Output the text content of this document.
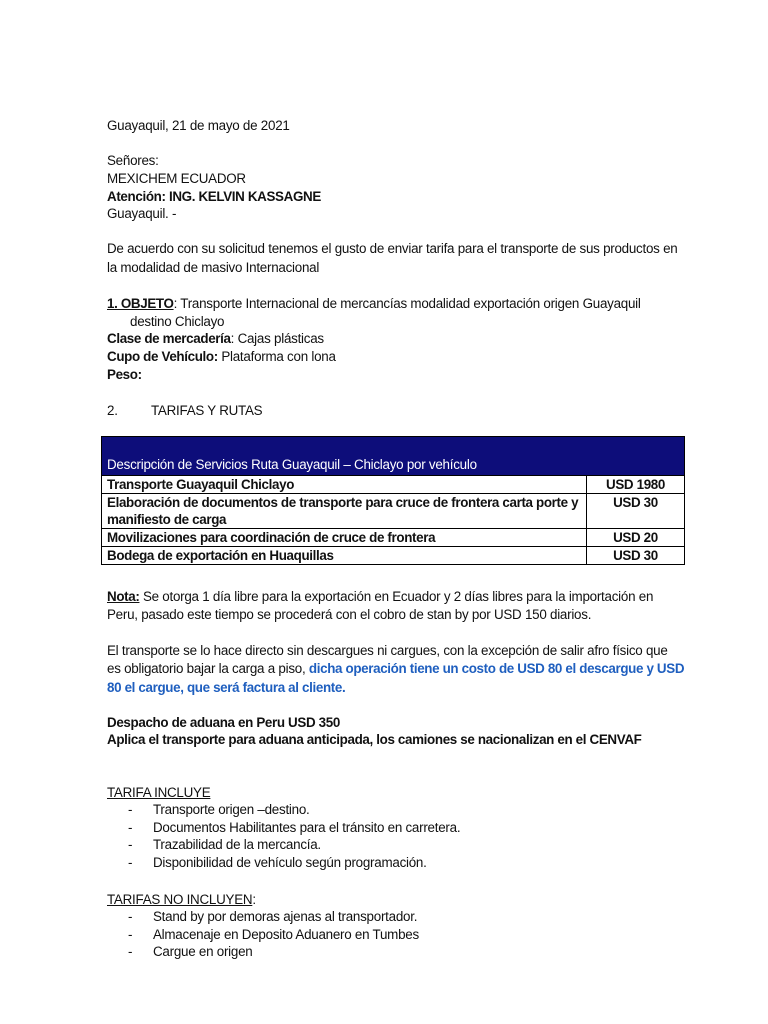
Guayaquil, 21 de mayo de 2021
Señores:
MEXICHEM ECUADOR
Atención: ING. KELVIN KASSAGNE
Guayaquil. -
De acuerdo con su solicitud tenemos el gusto de enviar tarifa para el transporte de sus productos en
la modalidad de masivo Internacional
1. OBJETO: Transporte Internacional de mercancías modalidad exportación origen Guayaquil
destino Chiclayo
Clase de mercadería: Cajas plásticas
Cupo de Vehículo: Plataforma con lona
Peso:
2. TARIFAS Y RUTAS
Descripción de Servicios Ruta Guayaquil – Chiclayo por vehículo	
Transporte Guayaquil Chiclayo	USD 1980
Elaboración de documentos de transporte para cruce de frontera carta porte y manifiesto de carga	USD 30
Movilizaciones para coordinación de cruce de frontera	USD 20
Bodega de exportación en Huaquillas	USD 30
Nota: Se otorga 1 día libre para la exportación en Ecuador y 2 días libres para la importación en
Peru, pasado este tiempo se procederá con el cobro de stan by por USD 150 diarios.
El transporte se lo hace directo sin descargues ni cargues, con la excepción de salir afro físico que
es obligatorio bajar la carga a piso, dicha operación tiene un costo de USD 80 el descargue y USD
80 el cargue, que será factura al cliente.
Despacho de aduana en Peru USD 350
Aplica el transporte para aduana anticipada, los camiones se nacionalizan en el CENVAF
TARIFA INCLUYE
- Transporte origen –destino.
- Documentos Habilitantes para el tránsito en carretera.
- Trazabilidad de la mercancía.
- Disponibilidad de vehículo según programación.
TARIFAS NO INCLUYEN:
- Stand by por demoras ajenas al transportador.
- Almacenaje en Deposito Aduanero en Tumbes
- Cargue en origen
